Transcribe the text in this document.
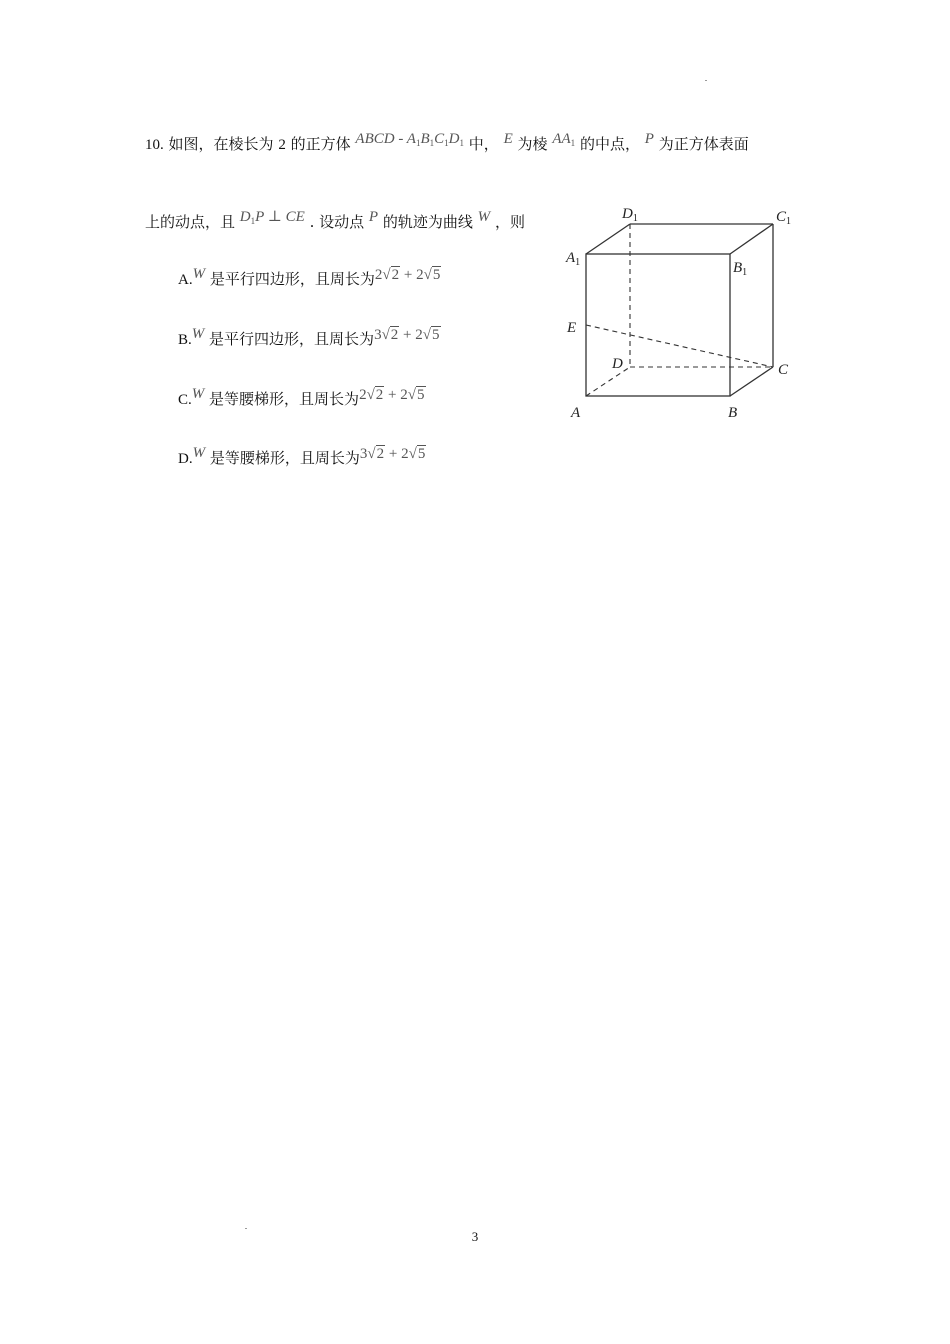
10. 如图，在棱长为 2 的正方体 ABCD - $A_1B_1C_1D_1$ 中， E 为棱 $AA_1$ 的中点， P 为正方体表面
上的动点，且 $D_1P$ ⊥ CE . 设动点 P 的轨迹为曲线 W ，则
A.W 是平行四边形，且周长为2√2 + 2√5
B.W 是平行四边形，且周长为3√2 + 2√5
C.W 是等腰梯形，且周长为2√2 + 2√5
D.W 是等腰梯形，且周长为3√2 + 2√5
$D_1$	$C_1$
$A_1$	$B_1$
E
D	C
A	B
3
